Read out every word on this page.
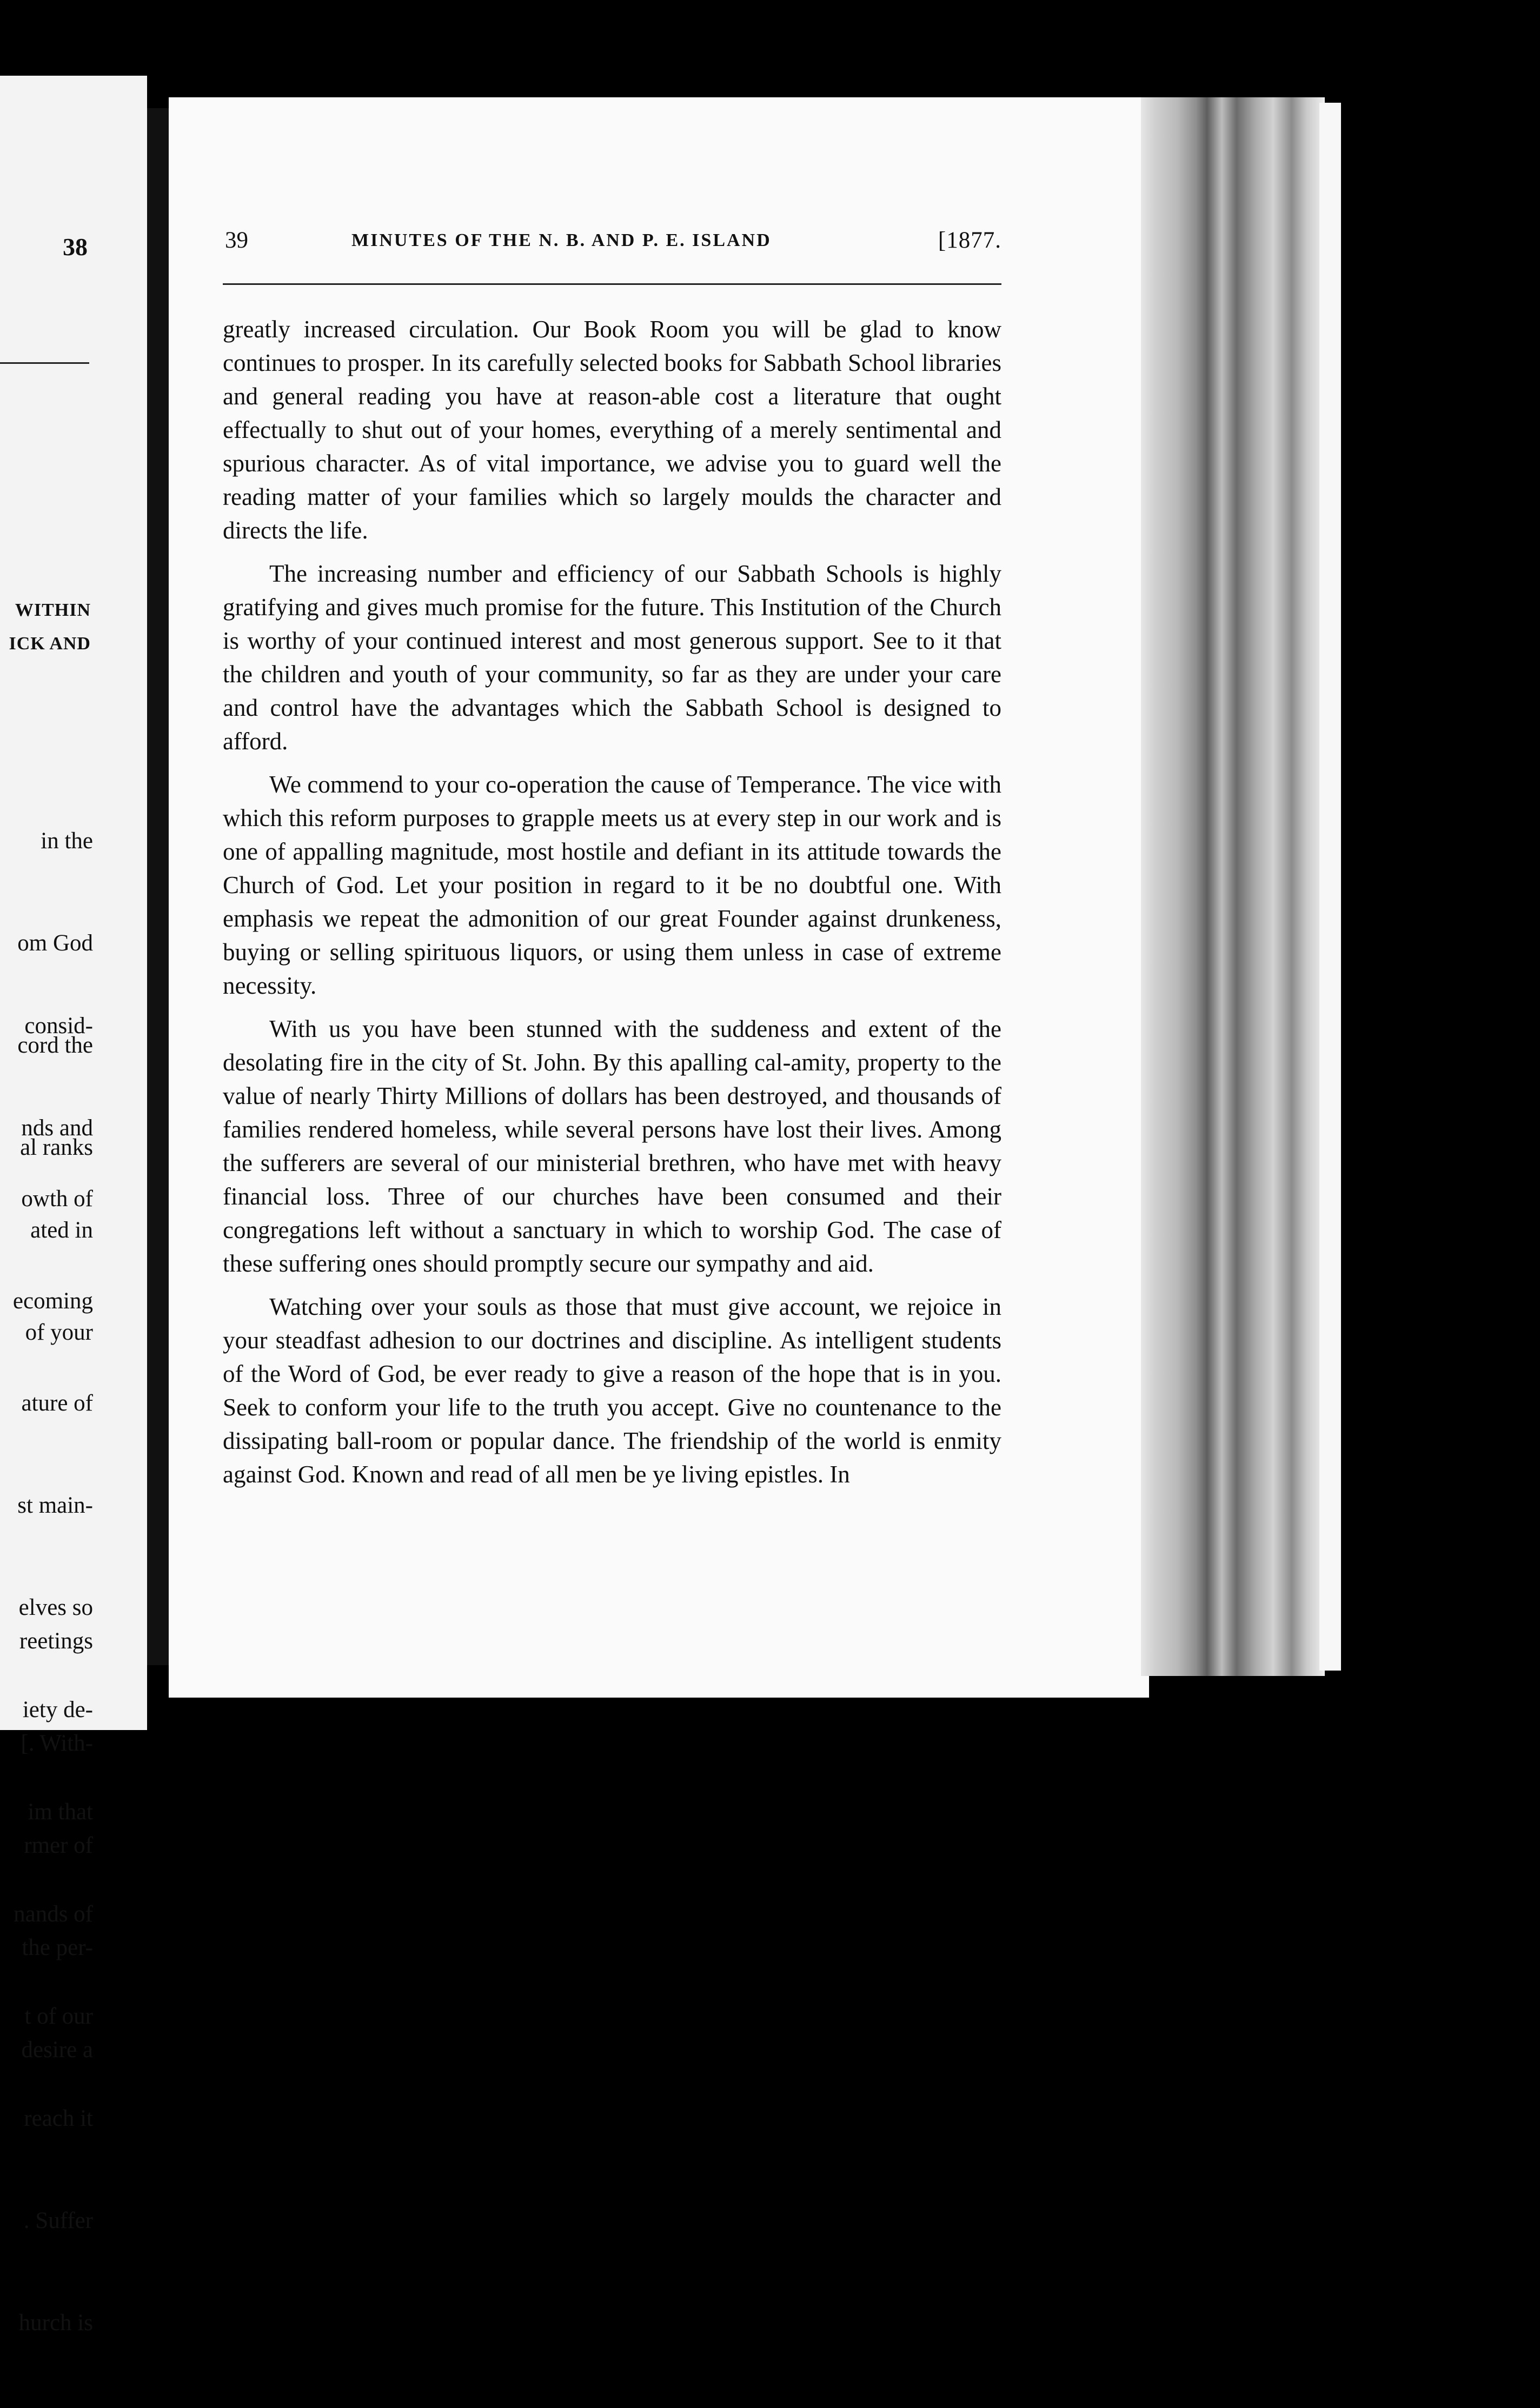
38
WITHIN
ICK AND

in the

om God

cord the

al ranks

consid-

nds and

ated in

of your

owth of

ecoming

ature of

st main-

elves so

iety de-

im that

nands of

t of our

reach it

. Suffer

hurch is

reetings

[. With-

rmer of

the per-

desire a

39	MINUTES OF THE N. B. AND P. E. ISLAND	[1877.

greatly increased circulation. Our Book Room you will be glad to know continues to prosper. In its carefully selected books for Sabbath School libraries and general reading you have at reason-able cost a literature that ought effectually to shut out of your homes, everything of a merely sentimental and spurious character. As of vital importance, we advise you to guard well the reading matter of your families which so largely moulds the character and directs the life.

The increasing number and efficiency of our Sabbath Schools is highly gratifying and gives much promise for the future. This Institution of the Church is worthy of your continued interest and most generous support. See to it that the children and youth of your community, so far as they are under your care and control have the advantages which the Sabbath School is designed to afford.

We commend to your co-operation the cause of Temperance. The vice with which this reform purposes to grapple meets us at every step in our work and is one of appalling magnitude, most hostile and defiant in its attitude towards the Church of God. Let your position in regard to it be no doubtful one. With emphasis we repeat the admonition of our great Founder against drunkeness, buying or selling spirituous liquors, or using them unless in case of extreme necessity.

With us you have been stunned with the suddeness and extent of the desolating fire in the city of St. John. By this apalling cal-amity, property to the value of nearly Thirty Millions of dollars has been destroyed, and thousands of families rendered homeless, while several persons have lost their lives. Among the sufferers are several of our ministerial brethren, who have met with heavy financial loss. Three of our churches have been consumed and their congregations left without a sanctuary in which to worship God. The case of these suffering ones should promptly secure our sympathy and aid.

Watching over your souls as those that must give account, we rejoice in your steadfast adhesion to our doctrines and discipline. As intelligent students of the Word of God, be ever ready to give a reason of the hope that is in you. Seek to conform your life to the truth you accept. Give no countenance to the dissipating ball-room or popular dance. The friendship of the world is enmity against God. Known and read of all men be ye living epistles. In
